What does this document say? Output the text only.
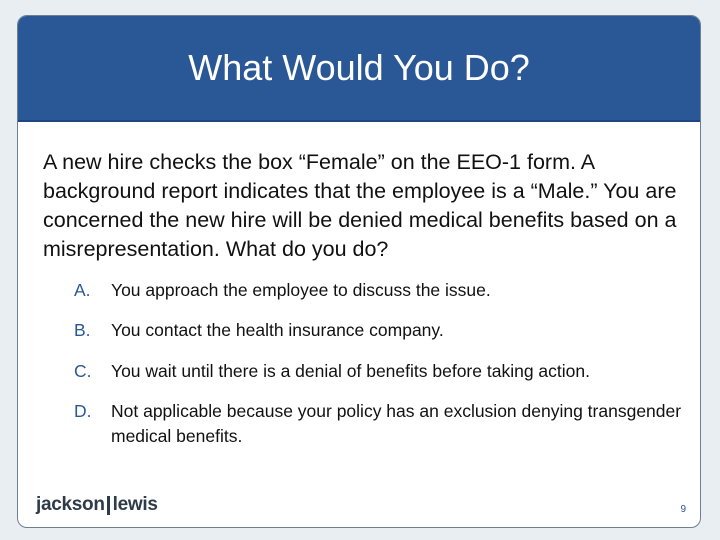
What Would You Do?
A new hire checks the box “Female” on the EEO-1 form. A background report indicates that the employee is a “Male.” You are concerned the new hire will be denied medical benefits based on a misrepresentation. What do you do?
A.	You approach the employee to discuss the issue.
B.	You contact the health insurance company.
C.	You wait until there is a denial of benefits before taking action.
D.	Not applicable because your policy has an exclusion denying transgender medical benefits.
jackson lewis	9
